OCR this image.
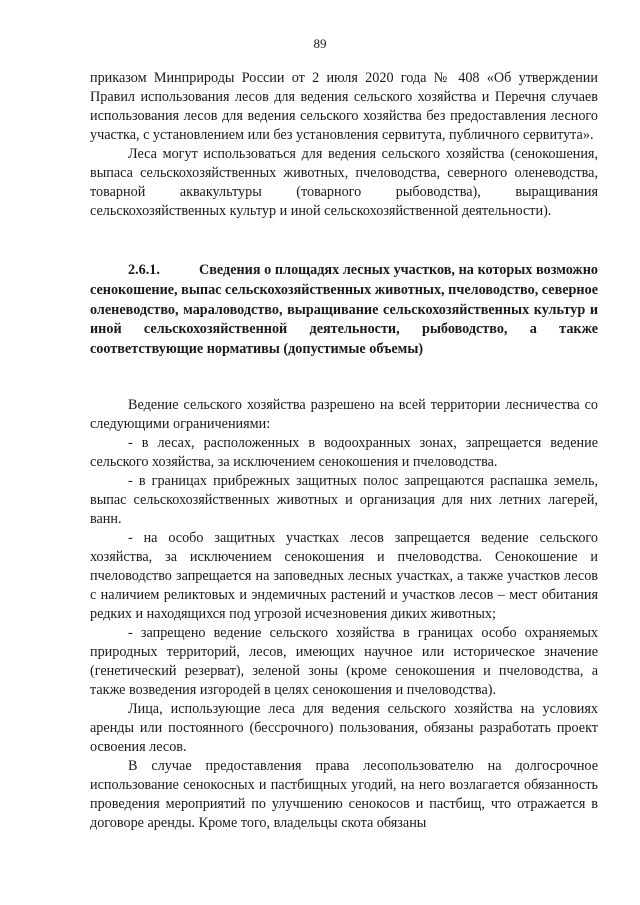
89

приказом Минприроды России от 2 июля 2020 года № 408 «Об утверждении Правил использования лесов для ведения сельского хозяйства и Перечня случаев использования лесов для ведения сельского хозяйства без предоставления лесного участка, с установлением или без установления сервитута, публичного сервитута».

Леса могут использоваться для ведения сельского хозяйства (сенокошения, выпаса сельскохозяйственных животных, пчеловодства, северного оленеводства, товарной аквакультуры (товарного рыбоводства), выращивания сельскохозяйственных культур и иной сельскохозяйственной деятельности).

2.6.1.	Сведения о площадях лесных участков, на которых возможно сенокошение, выпас сельскохозяйственных животных, пчеловодство, северное оленеводство, мараловодство, выращивание сельскохозяйственных культур и иной сельскохозяйственной деятельности, рыбоводство, а также соответствующие нормативы (допустимые объемы)

Ведение сельского хозяйства разрешено на всей территории лесничества со следующими ограничениями:

- в лесах, расположенных в водоохранных зонах, запрещается ведение сельского хозяйства, за исключением сенокошения и пчеловодства.

- в границах прибрежных защитных полос запрещаются распашка земель, выпас сельскохозяйственных животных и организация для них летних лагерей, ванн.

- на особо защитных участках лесов запрещается ведение сельского хозяйства, за исключением сенокошения и пчеловодства. Сенокошение и пчеловодство запрещается на заповедных лесных участках, а также участков лесов с наличием реликтовых и эндемичных растений и участков лесов – мест обитания редких и находящихся под угрозой исчезновения диких животных;

- запрещено ведение сельского хозяйства в границах особо охраняемых природных территорий, лесов, имеющих научное или историческое значение (генетический резерват), зеленой зоны (кроме сенокошения и пчеловодства, а также возведения изгородей в целях сенокошения и пчеловодства).

Лица, использующие леса для ведения сельского хозяйства на условиях аренды или постоянного (бессрочного) пользования, обязаны разработать проект освоения лесов.

В случае предоставления права лесопользователю на долгосрочное использование сенокосных и пастбищных угодий, на него возлагается обязанность проведения мероприятий по улучшению сенокосов и пастбищ, что отражается в договоре аренды. Кроме того, владельцы скота обязаны
